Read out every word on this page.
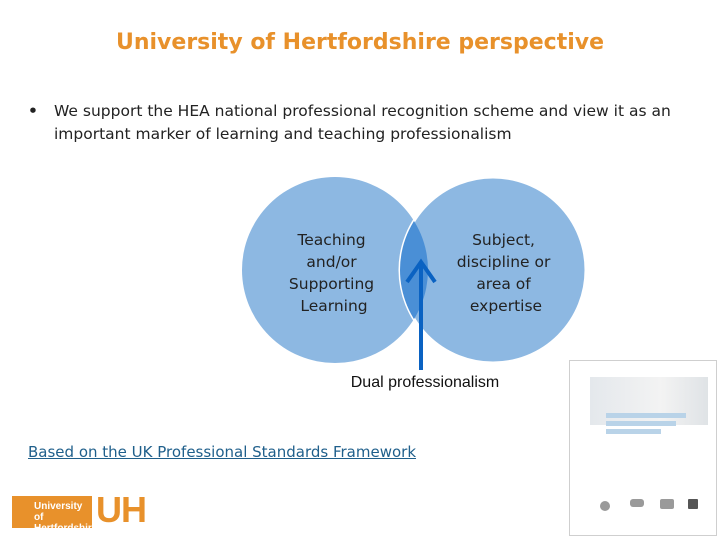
University of Hertfordshire perspective
•	We support the HEA national professional recognition scheme and view it as an important marker of learning and teaching professionalism
Teaching and/or Supporting Learning
Subject, discipline or area of expertise
Dual professionalism
Based on the UK Professional Standards Framework
University of
Hertfordshire
UH
